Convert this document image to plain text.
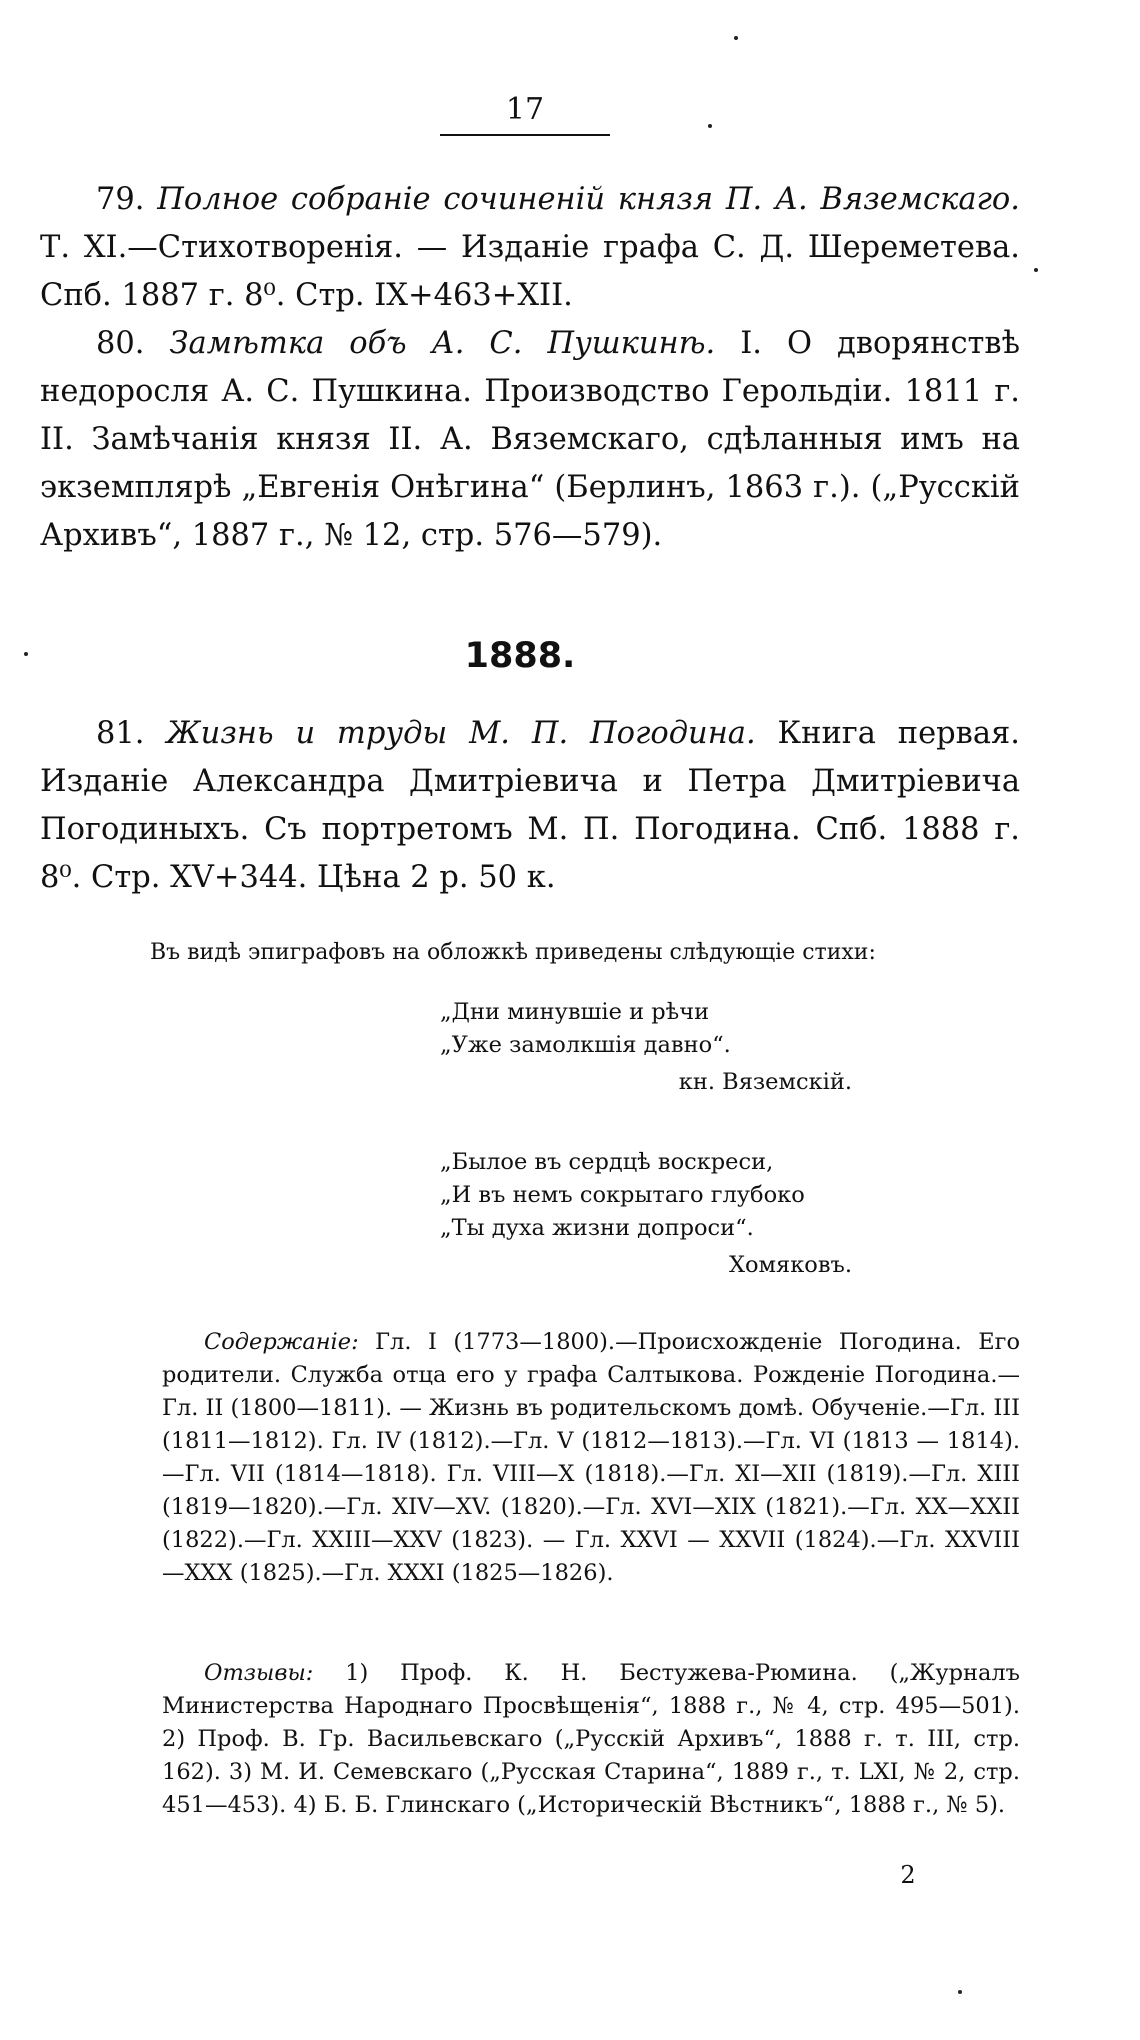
17

79. Полное собраніе сочиненій князя П. А. Вяземскаго. Т. XI.—Стихотворенія. — Изданіе графа С. Д. Шереметева. Спб. 1887 г. 8⁰. Стр. IX+463+XII.

80. Замѣтка объ А. С. Пушкинѣ. I. О дворянствѣ недоросля А. С. Пушкина. Производство Герольдіи. 1811 г. II. Замѣчанія князя II. А. Вяземскаго, сдѣланныя имъ на экземплярѣ „Евгенія Онѣгина“ (Берлинъ, 1863 г.). („Русскій Архивъ“, 1887 г., № 12, стр. 576—579).

1888.

81. Жизнь и труды М. П. Погодина. Книга первая. Изданіе Александра Дмитріевича и Петра Дмитріевича Погодиныхъ. Съ портретомъ М. П. Погодина. Спб. 1888 г. 8⁰. Стр. XV+344. Цѣна 2 р. 50 к.

Въ видѣ эпиграфовъ на обложкѣ приведены слѣдующіе стихи:
„Дни минувшіе и рѣчи
„Уже замолкшія давно“.
кн. Вяземскій.
„Былое въ сердцѣ воскреси,
„И въ немъ сокрытаго глубоко
„Ты духа жизни допроси“.
Хомяковъ.

Содержаніе: Гл. I (1773—1800).—Происхожденіе Погодина. Его родители. Служба отца его у графа Салтыкова. Рожденіе Погодина.—Гл. II (1800—1811). — Жизнь въ родительскомъ домѣ. Обученіе.—Гл. III (1811—1812). Гл. IV (1812).—Гл. V (1812—1813).—Гл. VI (1813 — 1814).—Гл. VII (1814—1818). Гл. VIII—X (1818).—Гл. XI—XII (1819).—Гл. XIII (1819—1820).—Гл. XIV—XV. (1820).—Гл. XVI—XIX (1821).—Гл. XX—XXII (1822).—Гл. XXIII—XXV (1823). — Гл. XXVI — XXVII (1824).—Гл. XXVIII—XXX (1825).—Гл. XXXI (1825—1826).

Отзывы: 1) Проф. К. Н. Бестужева-Рюмина. („Журналъ Министерства Народнаго Просвѣщенія“, 1888 г., № 4, стр. 495—501). 2) Проф. В. Гр. Васильевскаго („Русскій Архивъ“, 1888 г. т. III, стр. 162). 3) М. И. Семевскаго („Русская Старина“, 1889 г., т. LXI, № 2, стр. 451—453). 4) Б. Б. Глинскаго („Историческій Вѣстникъ“, 1888 г., № 5).

2
